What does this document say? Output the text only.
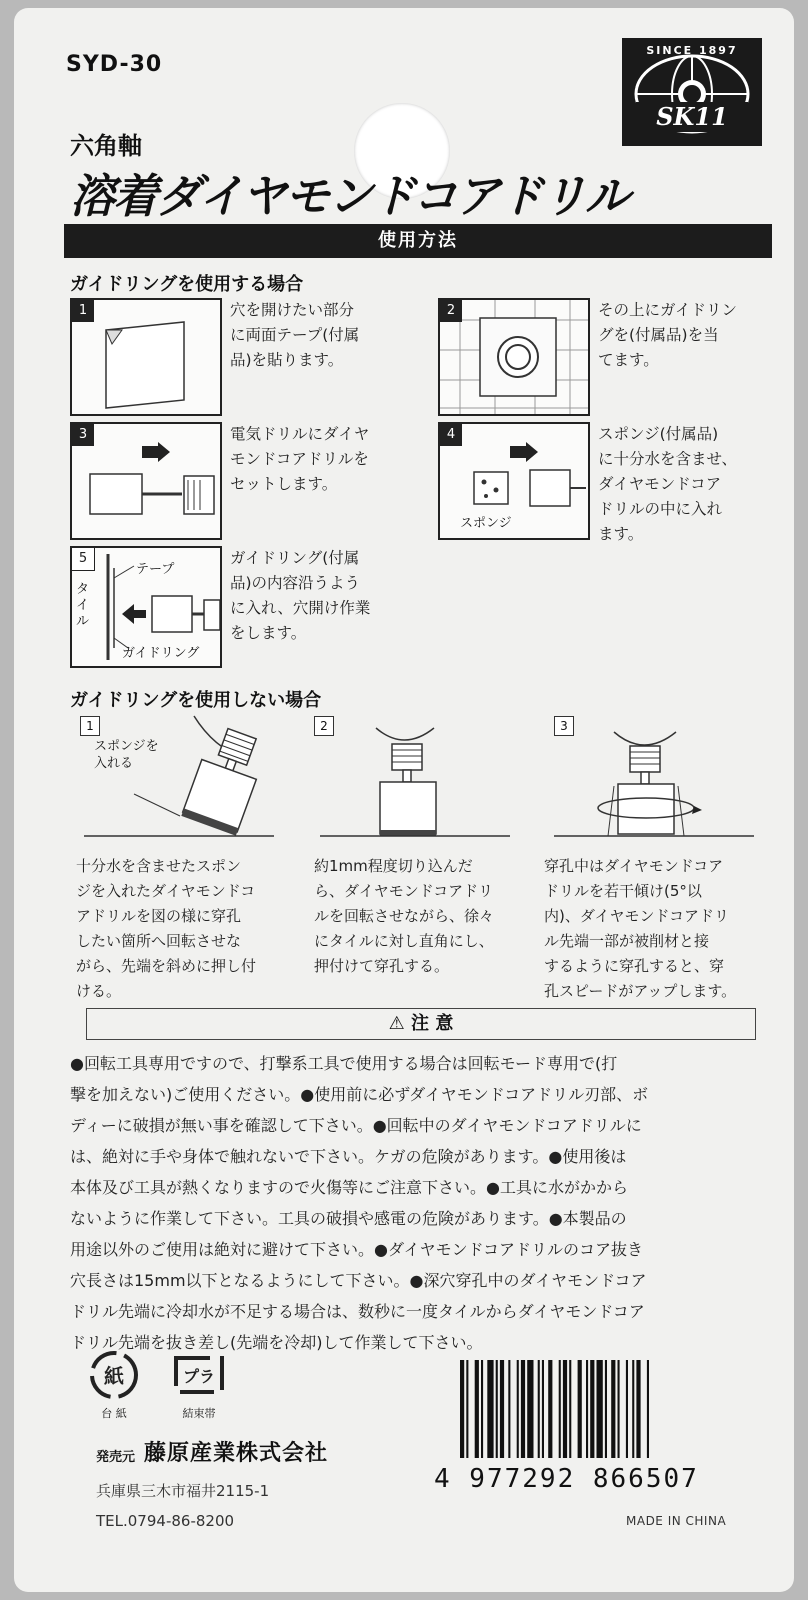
SYD-30
六角軸
溶着ダイヤモンドコアドリル
SINCE 1897
SK11
使用方法
ガイドリングを使用する場合
1	穴を開けたい部分
に両面テープ(付属
品)を貼ります。
2	その上にガイドリン
グを(付属品)を当
てます。
3	電気ドリルにダイヤ
モンドコアドリルを
セットします。
4
スポンジ
スポンジ(付属品)
に十分水を含ませ、
ダイヤモンドコア
ドリルの中に入れ
ます。
5
テープ
タイル
ガイドリング
ガイドリング(付属
品)の内容沿うよう
に入れ、穴開け作業
をします。
ガイドリングを使用しない場合
1
スポンジを
入れる
十分水を含ませたスポン
ジを入れたダイヤモンドコ
アドリルを図の様に穿孔
したい箇所へ回転させな
がら、先端を斜めに押し付
ける。
2
約1mm程度切り込んだ
ら、ダイヤモンドコアドリ
ルを回転させながら、徐々
にタイルに対し直角にし、
押付けて穿孔する。
3
穿孔中はダイヤモンドコア
ドリルを若干傾け(5°以
内)、ダイヤモンドコアドリ
ル先端一部が被削材と接
するように穿孔すると、穿
孔スピードがアップします。
⚠ 注 意
●回転工具専用ですので、打撃系工具で使用する場合は回転モード専用で(打
撃を加えない)ご使用ください。●使用前に必ずダイヤモンドコアドリル刃部、ボ
ディーに破損が無い事を確認して下さい。●回転中のダイヤモンドコアドリルに
は、絶対に手や身体で触れないで下さい。ケガの危険があります。●使用後は
本体及び工具が熱くなりますので火傷等にご注意下さい。●工具に水がかから
ないように作業して下さい。工具の破損や感電の危険があります。●本製品の
用途以外のご使用は絶対に避けて下さい。●ダイヤモンドコアドリルのコア抜き
穴長さは15mm以下となるようにして下さい。●深穴穿孔中のダイヤモンドコア
ドリル先端に冷却水が不足する場合は、数秒に一度タイルからダイヤモンドコア
ドリル先端を抜き差し(先端を冷却)して作業して下さい。
紙
台 紙
プラ
結束帯
発売元 藤原産業株式会社
兵庫県三木市福井2115-1
TEL.0794-86-8200
4 977292 866507
MADE IN CHINA
